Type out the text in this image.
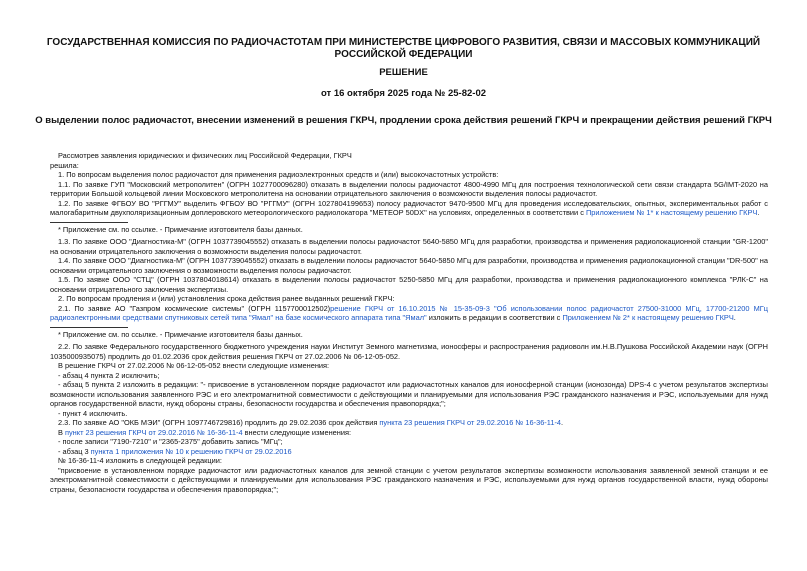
ГОСУДАРСТВЕННАЯ КОМИССИЯ ПО РАДИОЧАСТОТАМ ПРИ МИНИСТЕРСТВЕ ЦИФРОВОГО РАЗВИТИЯ, СВЯЗИ И МАССОВЫХ КОММУНИКАЦИЙ РОССИЙСКОЙ ФЕДЕРАЦИИ
РЕШЕНИЕ
от 16 октября 2025 года № 25-82-02
О выделении полос радиочастот, внесении изменений в решения ГКРЧ, продлении срока действия решений ГКРЧ и прекращении действия решений ГКРЧ

Рассмотрев заявления юридических и физических лиц Российской Федерации, ГКРЧ

решила:

1. По вопросам выделения полос радиочастот для применения радиоэлектронных средств и (или) высокочастотных устройств:

1.1. По заявке ГУП "Московский метрополитен" (ОГРН 1027700096280) отказать в выделении полосы радиочастот 4800-4990 МГц для построения технологической сети связи стандарта 5G/IMT-2020 на территории Большой кольцевой линии Московского метрополитена на основании отрицательного заключения о возможности выделения полосы радиочастот.

1.2. По заявке ФГБОУ ВО "РГГМУ" выделить ФГБОУ ВО "РГГМУ" (ОГРН 1027804199653) полосу радиочастот 9470-9500 МГц для проведения исследовательских, опытных, экспериментальных работ с малогабаритным двухполяризационным доплеровского метеорологического радиолокатора "МЕТЕОР 50DX" на условиях, определенных в соответствии с Приложением № 1* к настоящему решению ГКРЧ.

* Приложение см. по ссылке. - Примечание изготовителя базы данных.

1.3. По заявке ООО "Диагностика-М" (ОГРН 1037739045552) отказать в выделении полосы радиочастот 5640-5850 МГц для разработки, производства и применения радиолокационной станции "GR-1200" на основании отрицательного заключения о возможности выделения полосы радиочастот.

1.4. По заявке ООО "Диагностика-М" (ОГРН 1037739045552) отказать в выделении полосы радиочастот 5640-5850 МГц для разработки, производства и применения радиолокационной станции "DR-500" на основании отрицательного заключения о возможности выделения полосы радиочастот.

1.5. По заявке ООО "СТЦ" (ОГРН 1037804018614) отказать в выделении полосы радиочастот 5250-5850 МГц для разработки, производства и применения радиолокационного комплекса "РЛК-С" на основании отрицательного заключения экспертизы.

2. По вопросам продления и (или) установления срока действия ранее выданных решений ГКРЧ:

2.1. По заявке АО "Газпром космические системы" (ОГРН 1157700012502)решение ГКРЧ от 16.10.2015 № 15-35-09-3 "Об использовании полос радиочастот 27500-31000 МГц, 17700-21200 МГц радиоэлектронными средствами спутниковых сетей типа "Ямал" на базе космического аппарата типа "Ямал" изложить в редакции в соответствии с Приложением № 2* к настоящему решению ГКРЧ.

* Приложение см. по ссылке. - Примечание изготовителя базы данных.

2.2. По заявке Федерального государственного бюджетного учреждения науки Институт Земного магнетизма, ионосферы и распространения радиоволн им.Н.В.Пушкова Российской Академии наук (ОГРН 1035000935075) продлить до 01.02.2036 срок действия решения ГКРЧ от 27.02.2006 № 06-12-05-052.

В решение ГКРЧ от 27.02.2006 № 06-12-05-052 внести следующие изменения:

- абзац 4 пункта 2 исключить;

- абзац 5 пункта 2 изложить в редакции: "- присвоение в установленном порядке радиочастот или радиочастотных каналов для ионосферной станции (ионозонда) DPS-4 с учетом результатов экспертизы возможности использования заявленного РЭС и его электромагнитной совместимости с действующими и планируемыми для использования РЭС гражданского назначения и РЭС, используемыми для нужд органов государственной власти, нужд обороны страны, безопасности государства и обеспечения правопорядка;";

- пункт 4 исключить.

2.3. По заявке АО "ОКБ МЭИ" (ОГРН 1097746729816) продлить до 29.02.2036 срок действия пункта 23 решения ГКРЧ от 29.02.2016 № 16-36-11-4.

В пункт 23 решения ГКРЧ от 29.02.2016 № 16-36-11-4 внести следующие изменения:

- после записи "7190-7210" и "2365-2375" добавить запись "МГц";

- абзац 3 пункта 1 приложения № 10 к решению ГКРЧ от 29.02.2016

№ 16-36-11-4 изложить в следующей редакции:

"присвоение в установленном порядке радиочастот или радиочастотных каналов для земной станции с учетом результатов экспертизы возможности использования заявленной земной станции и ее электромагнитной совместимости с действующими и планируемыми для использования РЭС гражданского назначения и РЭС, используемыми для нужд органов государственной власти, нужд обороны страны, безопасности государства и обеспечения правопорядка;";
